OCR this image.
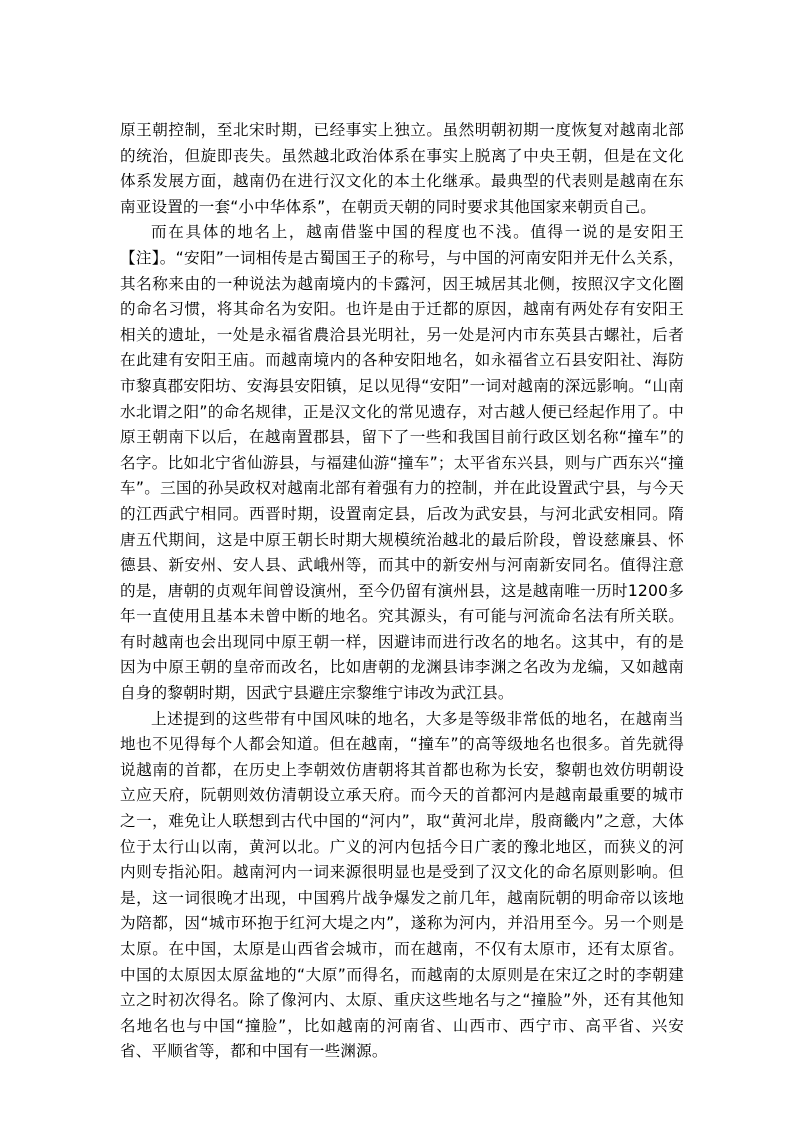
原王朝控制，至北宋时期，已经事实上独立。虽然明朝初期一度恢复对越南北部的统治，但旋即丧失。虽然越北政治体系在事实上脱离了中央王朝，但是在文化体系发展方面，越南仍在进行汉文化的本土化继承。最典型的代表则是越南在东南亚设置的一套“小中华体系”，在朝贡天朝的同时要求其他国家来朝贡自己。

而在具体的地名上，越南借鉴中国的程度也不浅。值得一说的是安阳王【注】。“安阳”一词相传是古蜀国王子的称号，与中国的河南安阳并无什么关系，其名称来由的一种说法为越南境内的卡露河，因王城居其北侧，按照汉字文化圈的命名习惯，将其命名为安阳。也许是由于迁都的原因，越南有两处存有安阳王相关的遗址，一处是永福省農洽县光明社，另一处是河内市东英县古螺社，后者在此建有安阳王庙。而越南境内的各种安阳地名，如永福省立石县安阳社、海防市黎真郡安阳坊、安海县安阳镇，足以见得“安阳”一词对越南的深远影响。“山南水北谓之阳”的命名规律，正是汉文化的常见遗存，对古越人便已经起作用了。中原王朝南下以后，在越南置郡县，留下了一些和我国目前行政区划名称“撞车”的名字。比如北宁省仙游县，与福建仙游“撞车”；太平省东兴县，则与广西东兴“撞车”。三国的孙吴政权对越南北部有着强有力的控制，并在此设置武宁县，与今天的江西武宁相同。西晋时期，设置南定县，后改为武安县，与河北武安相同。隋唐五代期间，这是中原王朝长时期大规模统治越北的最后阶段，曾设慈廉县、怀德县、新安州、安人县、武峨州等，而其中的新安州与河南新安同名。值得注意的是，唐朝的贞观年间曾设演州，至今仍留有演州县，这是越南唯一历时1200多年一直使用且基本未曾中断的地名。究其源头，有可能与河流命名法有所关联。有时越南也会出现同中原王朝一样，因避讳而进行改名的地名。这其中，有的是因为中原王朝的皇帝而改名，比如唐朝的龙渊县讳李渊之名改为龙编，又如越南自身的黎朝时期，因武宁县避庄宗黎维宁讳改为武江县。

上述提到的这些带有中国风味的地名，大多是等级非常低的地名，在越南当地也不见得每个人都会知道。但在越南，“撞车”的高等级地名也很多。首先就得说越南的首都，在历史上李朝效仿唐朝将其首都也称为长安，黎朝也效仿明朝设立应天府，阮朝则效仿清朝设立承天府。而今天的首都河内是越南最重要的城市之一，难免让人联想到古代中国的“河内”，取“黄河北岸，殷商畿内”之意，大体位于太行山以南，黄河以北。广义的河内包括今日广袤的豫北地区，而狭义的河内则专指沁阳。越南河内一词来源很明显也是受到了汉文化的命名原则影响。但是，这一词很晚才出现，中国鸦片战争爆发之前几年，越南阮朝的明命帝以该地为陪都，因“城市环抱于红河大堤之内”，遂称为河内，并沿用至今。另一个则是太原。在中国，太原是山西省会城市，而在越南，不仅有太原市，还有太原省。中国的太原因太原盆地的“大原”而得名，而越南的太原则是在宋辽之时的李朝建立之时初次得名。除了像河内、太原、重庆这些地名与之“撞脸”外，还有其他知名地名也与中国“撞脸”，比如越南的河南省、山西市、西宁市、高平省、兴安省、平顺省等，都和中国有一些渊源。
